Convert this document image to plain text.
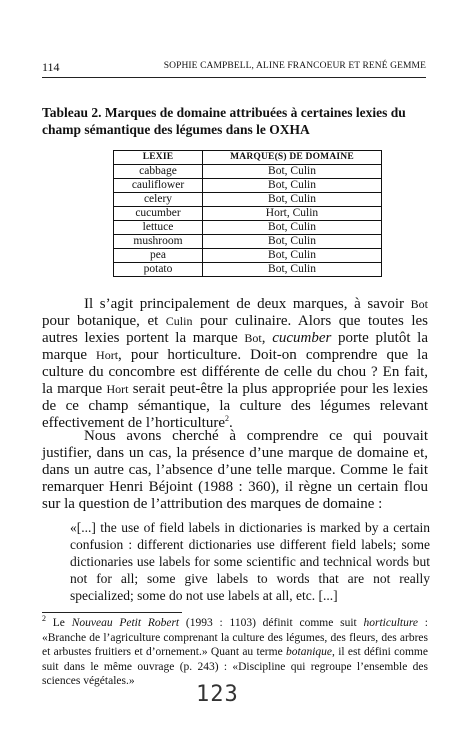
114	SOPHIE CAMPBELL, ALINE FRANCOEUR ET RENÉ GEMME
Tableau 2. Marques de domaine attribuées à certaines lexies du champ sémantique des légumes dans le OXHA
LEXIE	MARQUE(S) DE DOMAINE
cabbage	Bot, Culin
cauliflower	Bot, Culin
celery	Bot, Culin
cucumber	Hort, Culin
lettuce	Bot, Culin
mushroom	Bot, Culin
pea	Bot, Culin
potato	Bot, Culin

Il s’agit principalement de deux marques, à savoir Bot pour botanique, et Culin pour culinaire. Alors que toutes les autres lexies portent la marque Bot, cucumber porte plutôt la marque Hort, pour horticulture. Doit-on comprendre que la culture du concombre est différente de celle du chou ? En fait, la marque Hort serait peut-être la plus appropriée pour les lexies de ce champ sémantique, la culture des légumes relevant effectivement de l’horticulture$^2$.

Nous avons cherché à comprendre ce qui pouvait justifier, dans un cas, la présence d’une marque de domaine et, dans un autre cas, l’absence d’une telle marque. Comme le fait remarquer Henri Béjoint (1988 : 360), il règne un certain flou sur la question de l’attribution des marques de domaine :

«[...] the use of field labels in dictionaries is marked by a certain confusion : different dictionaries use different field labels; some dictionaries use labels for some scientific and technical words but not for all; some give labels to words that are not really specialized; some do not use labels at all, etc. [...]

$^2$ Le Nouveau Petit Robert (1993 : 1103) définit comme suit horticulture : «Branche de l’agriculture comprenant la culture des légumes, des fleurs, des arbres et arbustes fruitiers et d’ornement.» Quant au terme botanique, il est défini comme suit dans le même ouvrage (p. 243) : «Discipline qui regroupe l’ensemble des sciences végétales.»

123
